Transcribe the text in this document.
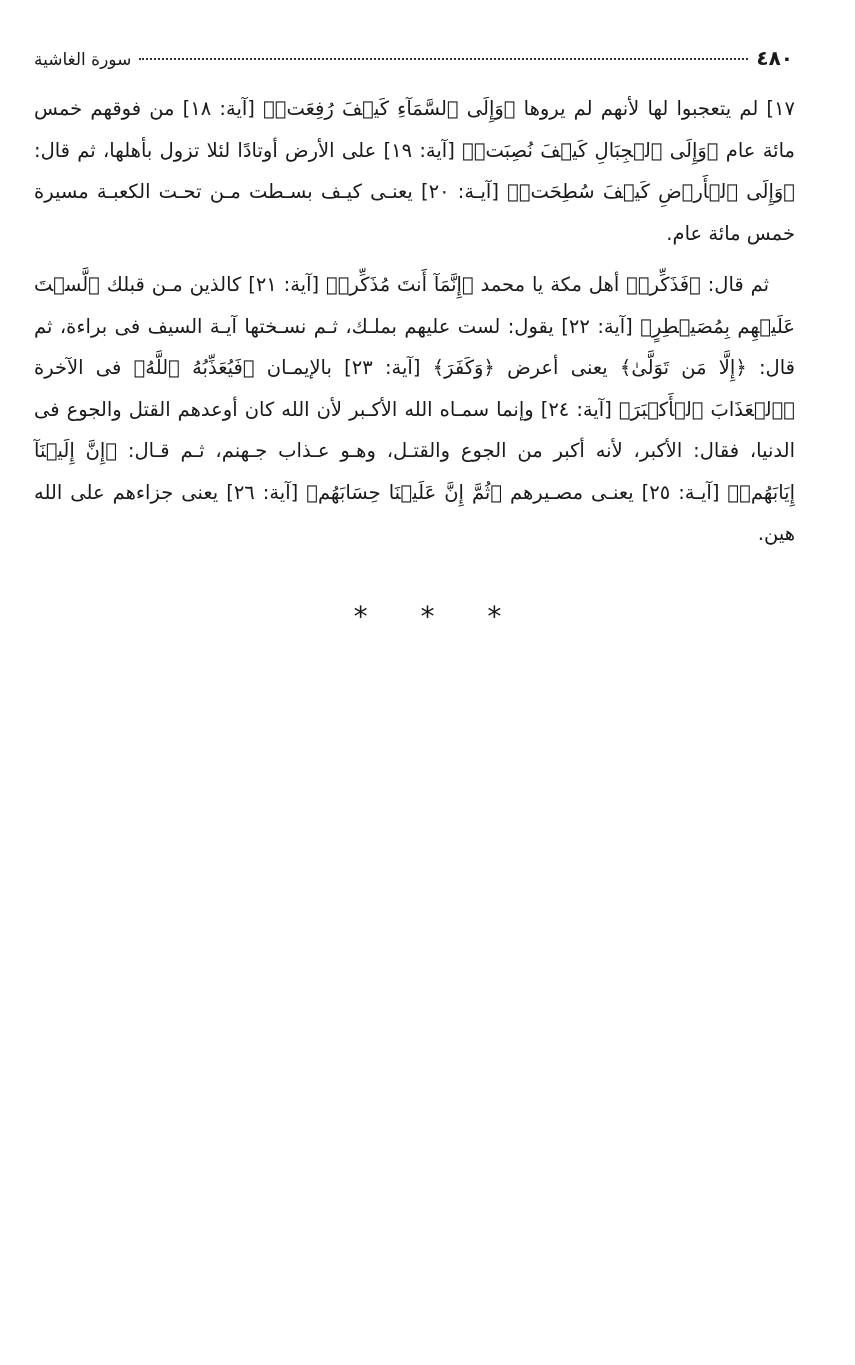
٤٨٠
سورة الغاشية

١٧] لم يتعجبوا لها لأنهم لم يروها ﴿وَإِلَى ٱلسَّمَآءِ كَيۡفَ رُفِعَتۡ﴾ [آية: ١٨] من فوقهم خمس مائة عام ﴿وَإِلَى ٱلۡجِبَالِ كَيۡفَ نُصِبَتۡ﴾ [آية: ١٩] على الأرض أوتادًا لئلا تزول بأهلها، ثم قال: ﴿وَإِلَى ٱلۡأَرۡضِ كَيۡفَ سُطِحَتۡ﴾ [آيـة: ٢٠] يعنـى كيـف بسـطت مـن تحـت الكعبـة مسيرة خمس مائة عام.

ثم قال: ﴿فَذَكِّرۡ﴾ أهل مكة يا محمد ﴿إِنَّمَآ أَنتَ مُذَكِّرٞ﴾ [آية: ٢١] كالذين مـن قبلك ﴿لَّسۡتَ عَلَيۡهِم بِمُصَيۡطِرٍ﴾ [آية: ٢٢] يقول: لست عليهم بملـك، ثـم نسـختها آيـة السيف فى براءة، ثم قال: ﴿إِلَّا مَن تَوَلَّىٰ﴾ يعنى أعرض ﴿وَكَفَرَ﴾ [آية: ٢٣] بالإيمـان ﴿فَيُعَذِّبُهُ ٱللَّهُ﴾ فى الآخرة ﴿ٱلۡعَذَابَ ٱلۡأَكۡبَرَ﴾ [آية: ٢٤] وإنما سمـاه الله الأكـبر لأن الله كان أوعدهم القتل والجوع فى الدنيا، فقال: الأكبر، لأنه أكبر من الجوع والقتـل، وهـو عـذاب جـهنم، ثـم قـال: ﴿إِنَّ إِلَيۡنَآ إِيَابَهُمۡ﴾ [آيـة: ٢٥] يعنـى مصـيرهم ﴿ثُمَّ إِنَّ عَلَيۡنَا حِسَابَهُم﴾ [آية: ٢٦] يعنى جزاءهم على الله هين.

* * *
